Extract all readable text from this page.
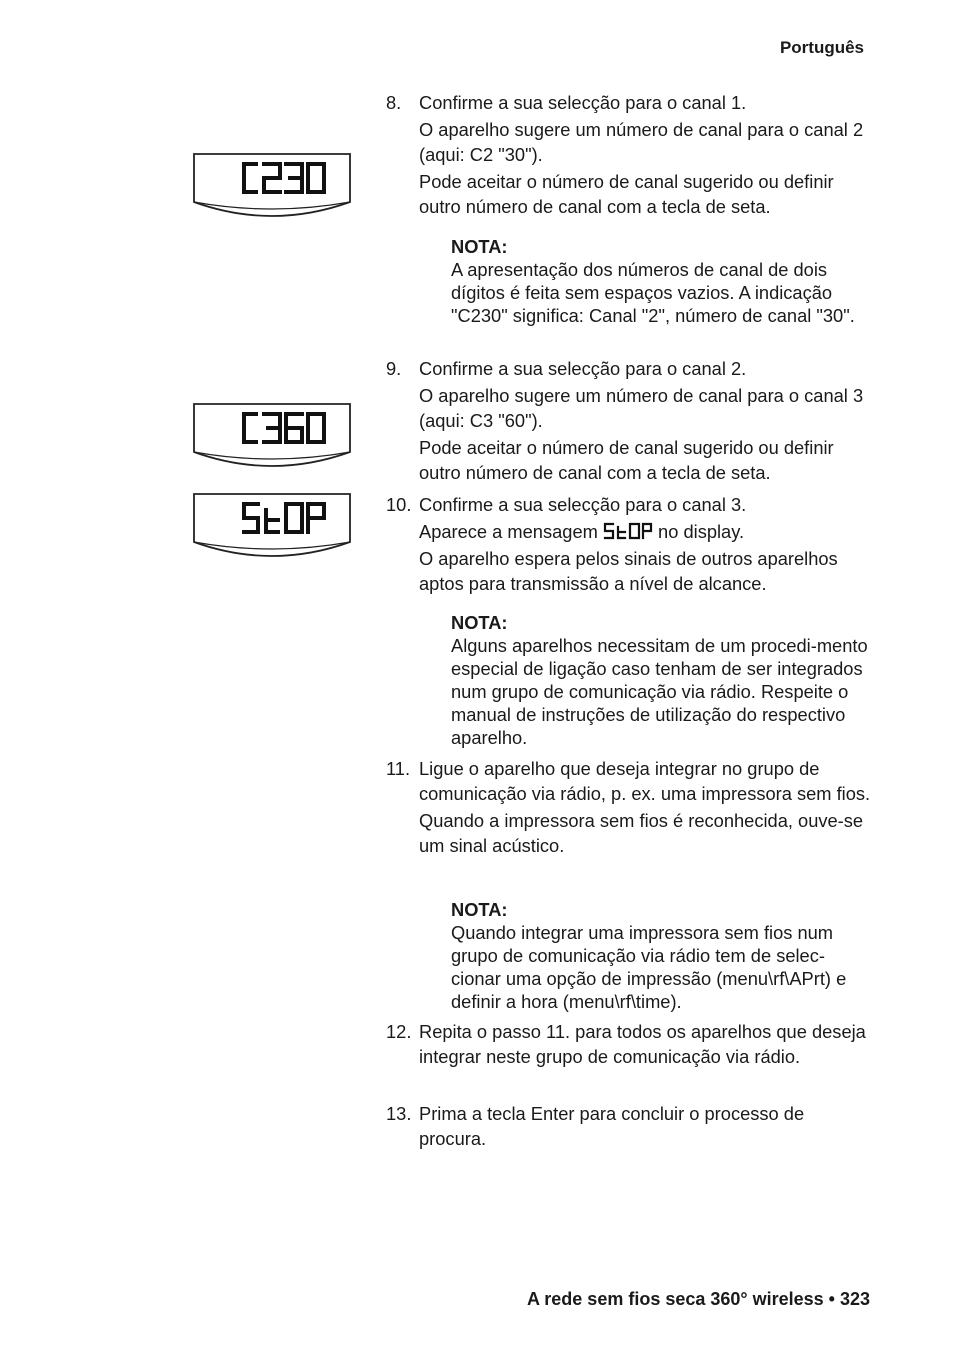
Português
8. Confirme a sua selecção para o canal 1.

O aparelho sugere um número de canal para o canal 2 (aqui: C2 "30").

Pode aceitar o número de canal sugerido ou definir outro número de canal com a tecla de seta.

NOTA:
A apresentação dos números de canal de dois dígitos é feita sem espaços vazios. A indicação "C230" significa: Canal "2", número de canal "30".
9. Confirme a sua selecção para o canal 2.

O aparelho sugere um número de canal para o canal 3 (aqui: C3 "60").

Pode aceitar o número de canal sugerido ou definir outro número de canal com a tecla de seta.

10. Confirme a sua selecção para o canal 3.

Aparece a mensagem	no display.

O aparelho espera pelos sinais de outros aparelhos aptos para transmissão a nível de alcance.

NOTA:
Alguns aparelhos necessitam de um procedi-mento especial de ligação caso tenham de ser integrados num grupo de comunicação via rádio. Respeite o manual de instruções de utilização do respectivo aparelho.
11. Ligue o aparelho que deseja integrar no grupo de comunicação via rádio, p. ex. uma impressora sem fios.

Quando a impressora sem fios é reconhecida, ouve-se um sinal acústico.

NOTA:
Quando integrar uma impressora sem fios num grupo de comunicação via rádio tem de selec-cionar uma opção de impressão (menu\rf\APrt) e definir a hora (menu\rf\time).
12. Repita o passo 11. para todos os aparelhos que deseja integrar neste grupo de comunicação via rádio.

13. Prima a tecla Enter para concluir o processo de procura.

A rede sem fios seca 360° wireless • 323
